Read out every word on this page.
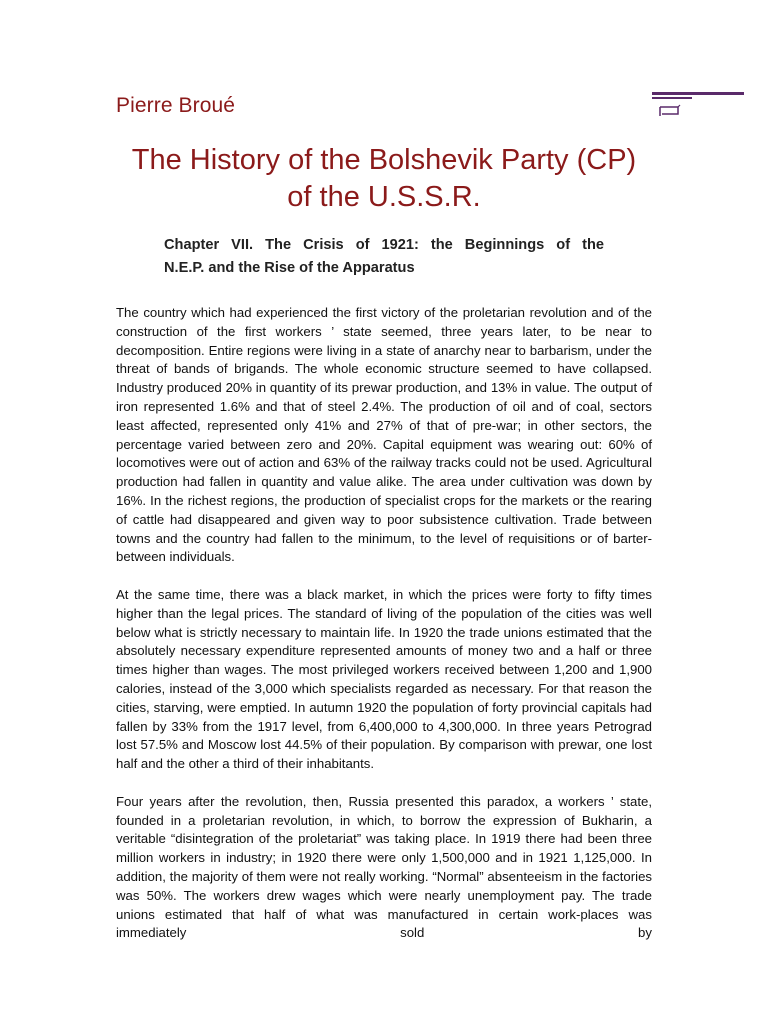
Pierre Broué
The History of the Bolshevik Party (CP)
of the U.S.S.R.
Chapter VII. The Crisis of 1921: the Beginnings of the
N.E.P. and the Rise of the Apparatus

The country which had experienced the first victory of the proletarian revolution and of the construction of the first workers ’ state seemed, three years later, to be near to decomposition. Entire regions were living in a state of anarchy near to barbarism, under the threat of bands of brigands. The whole economic structure seemed to have collapsed. Industry produced 20% in quantity of its prewar production, and 13% in value. The output of iron represented 1.6% and that of steel 2.4%. The production of oil and of coal, sectors least affected, represented only 41% and 27% of that of pre-war; in other sectors, the percentage varied between zero and 20%. Capital equipment was wearing out: 60% of locomotives were out of action and 63% of the railway tracks could not be used. Agricultural production had fallen in quantity and value alike. The area under cultivation was down by 16%. In the richest regions, the production of specialist crops for the markets or the rearing of cattle had disappeared and given way to poor subsistence cultivation. Trade between towns and the country had fallen to the minimum, to the level of requisitions or of barter-between individuals.

At the same time, there was a black market, in which the prices were forty to fifty times higher than the legal prices. The standard of living of the population of the cities was well below what is strictly necessary to maintain life. In 1920 the trade unions estimated that the absolutely necessary expenditure represented amounts of money two and a half or three times higher than wages. The most privileged workers received between 1,200 and 1,900 calories, instead of the 3,000 which specialists regarded as necessary. For that reason the cities, starving, were emptied. In autumn 1920 the population of forty provincial capitals had fallen by 33% from the 1917 level, from 6,400,000 to 4,300,000. In three years Petrograd lost 57.5% and Moscow lost 44.5% of their population. By comparison with prewar, one lost half and the other a third of their inhabitants.

Four years after the revolution, then, Russia presented this paradox, a workers ’ state, founded in a proletarian revolution, in which, to borrow the expression of Bukharin, a veritable “disintegration of the proletariat” was taking place. In 1919 there had been three million workers in industry; in 1920 there were only 1,500,000 and in 1921 1,125,000. In addition, the majority of them were not really working. “Normal” absenteeism in the factories was 50%. The workers drew wages which were nearly unemployment pay. The trade unions estimated that half of what was manufactured in certain work-places was immediately sold by
